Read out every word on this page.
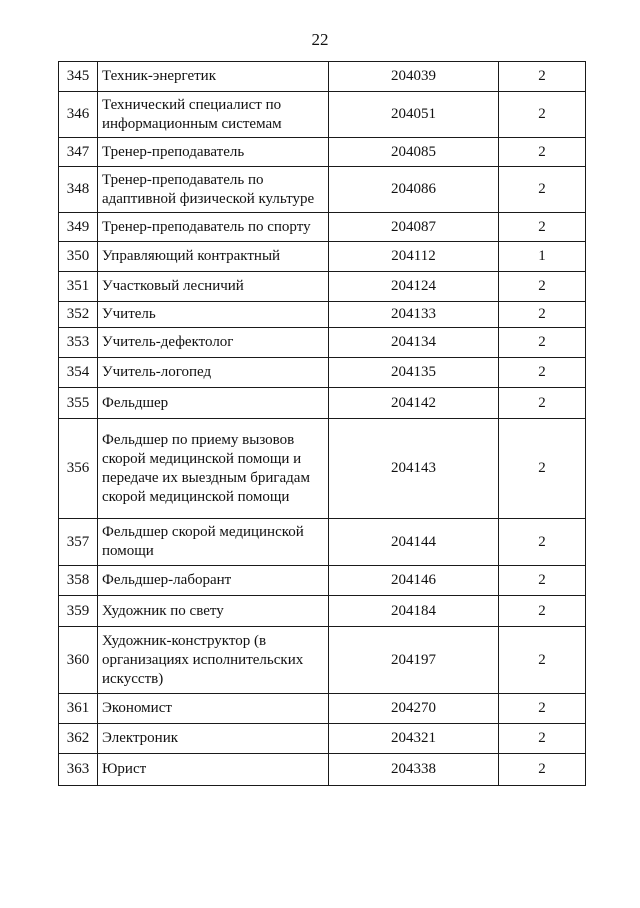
22
345	Техник-энергетик	204039	2
346	Технический специалист по информационным системам	204051	2
347	Тренер-преподаватель	204085	2
348	Тренер-преподаватель по адаптивной физической культуре	204086	2
349	Тренер-преподаватель по спорту	204087	2
350	Управляющий контрактный	204112	1
351	Участковый лесничий	204124	2
352	Учитель	204133	2
353	Учитель-дефектолог	204134	2
354	Учитель-логопед	204135	2
355	Фельдшер	204142	2
356	Фельдшер по приему вызовов скорой медицинской помощи и передаче их выездным бригадам скорой медицинской помощи	204143	2
357	Фельдшер скорой медицинской помощи	204144	2
358	Фельдшер-лаборант	204146	2
359	Художник по свету	204184	2
360	Художник-конструктор (в организациях исполнительских искусств)	204197	2
361	Экономист	204270	2
362	Электроник	204321	2
363	Юрист	204338	2
